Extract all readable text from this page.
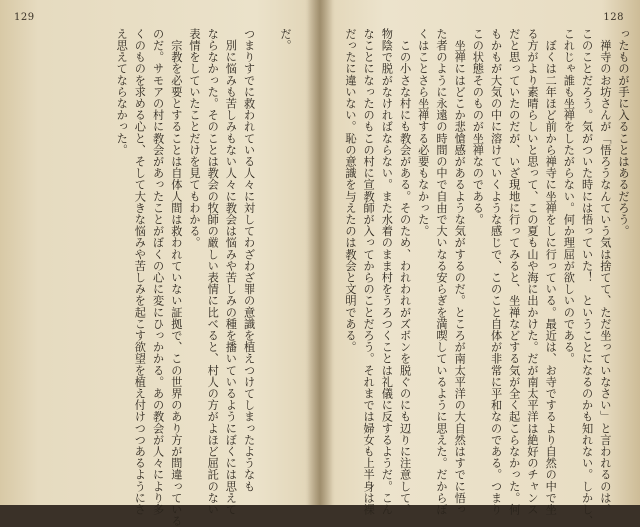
129
だ。
つまりすでに救われている人々に対してわざわざ罪の意識を植えつけてしまったようなも
　別に悩みも苦しみもない人々に教会は悩みや苦しみの種を播いているようにぼくには思えて
ならなかった。そのことは教会の牧師の厳しい表情に比べると、村人の方がよほど屈託のない
表情をしていたことだけを見てもわかる。
　宗教を必要とすることは自体人間は救われていない証拠で、この世界のあり方が間違っている
のだ。サモアの村に教会があったことがぼくの心に変にひっかかる。あの教会が人々により多
くのものを求める心と、そして大きな悩みや苦しみを起こす欲望を植え付けつつあるようにさ
え思えてならなかった。
128
ったものが手に入ることはあるだろう。
　禅寺のお坊さんが「悟ろうなんていう気は捨てて、ただ坐っていなさい」と言われるのは、
このことだろう。気がついた時には悟っていた！　ということになるのかも知れない。しかし、
これじゃ誰も坐禅をしたがらない。何か理屈が欲しいのである。
　ぼくは二年ほど前から禅寺に坐禅をしに行っている。最近は、お寺でするより自然の中で坐
る方がより素晴らしいと思って、この夏も山や海に出かけた。だが南太平洋は絶好のチャンス
だと思っていたのだが、いざ現地に行ってみると、坐禅などする気が全く起こらなかった。何
もかもが大気の中に溶けていくような感じで、このこと自体が非常に平和なのである。つまり
この状態そのものが坐禅なのである。
　坐禅にはどこか悲愴感があるような気がするのだ。ところが南太平洋の大自然はすでに悟っ
た者のように永遠の時間の中で自由で大いなる安らぎを満喫しているように思えた。だからぼ
くはことさら坐禅する必要もなかった。
　この小さな村にも教会がある。そのため、われわれがズボンを脱ぐのにも辺りに注意して、
物陰で脱がなければならない。また水着のまま村をうろつくことは礼儀に反するようだ。こん
なことになったのもこの村に宣教師が入ってからのことだろう。それまでは婦女も上半身は裸
だったに違いない。恥の意識を与えたのは教会と文明である。
